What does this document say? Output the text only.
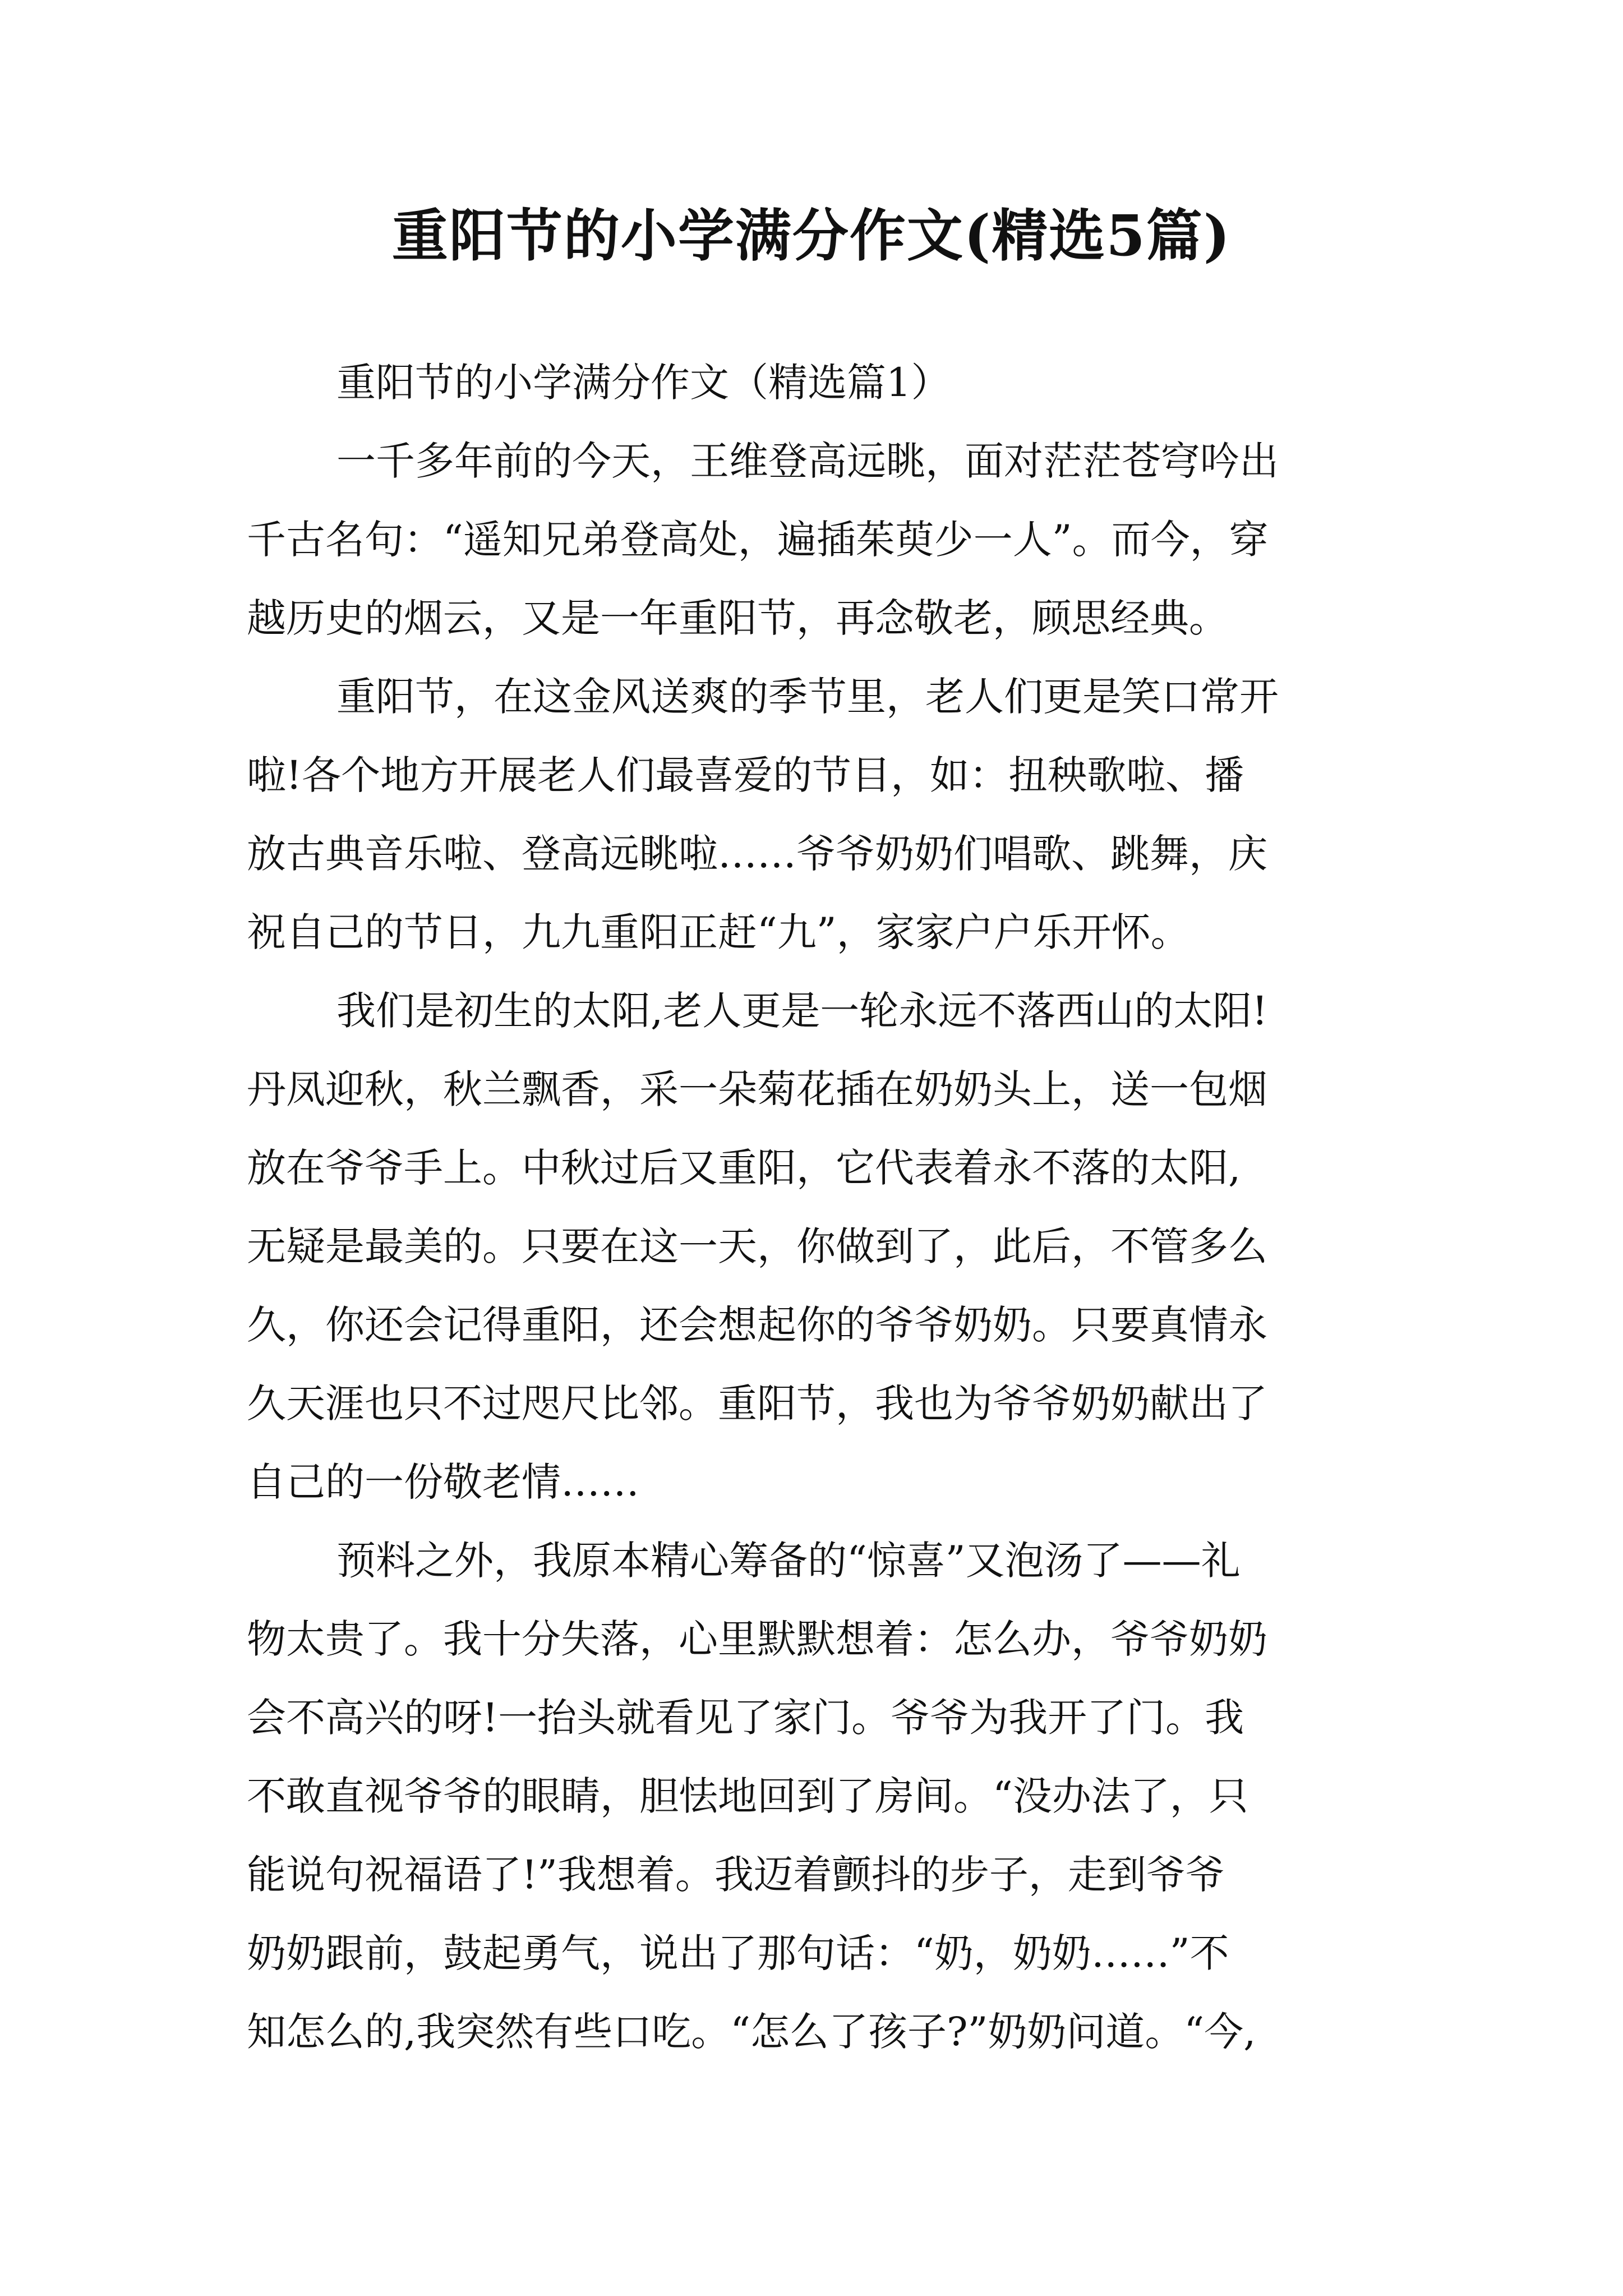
重阳节的小学满分作文(精选5篇)
重阳节的小学满分作文（精选篇1）
一千多年前的今天，王维登高远眺，面对茫茫苍穹吟出
千古名句：“遥知兄弟登高处，遍插茱萸少一人”。而今，穿
越历史的烟云，又是一年重阳节，再念敬老，顾思经典。
重阳节，在这金风送爽的季节里，老人们更是笑口常开
啦!各个地方开展老人们最喜爱的节目，如：扭秧歌啦、播
放古典音乐啦、登高远眺啦……爷爷奶奶们唱歌、跳舞，庆
祝自己的节日，九九重阳正赶“九”，家家户户乐开怀。
我们是初生的太阳,老人更是一轮永远不落西山的太阳!
丹凤迎秋，秋兰飘香，采一朵菊花插在奶奶头上，送一包烟
放在爷爷手上。中秋过后又重阳，它代表着永不落的太阳,
无疑是最美的。只要在这一天，你做到了，此后，不管多么
久，你还会记得重阳，还会想起你的爷爷奶奶。只要真情永
久天涯也只不过咫尺比邻。重阳节，我也为爷爷奶奶献出了
自己的一份敬老情……
预料之外，我原本精心筹备的“惊喜”又泡汤了——礼
物太贵了。我十分失落，心里默默想着：怎么办，爷爷奶奶
会不高兴的呀!一抬头就看见了家门。爷爷为我开了门。我
不敢直视爷爷的眼睛，胆怯地回到了房间。“没办法了，只
能说句祝福语了!”我想着。我迈着颤抖的步子，走到爷爷
奶奶跟前，鼓起勇气，说出了那句话：“奶，奶奶……”不
知怎么的,我突然有些口吃。“怎么了孩子?”奶奶问道。“今,
